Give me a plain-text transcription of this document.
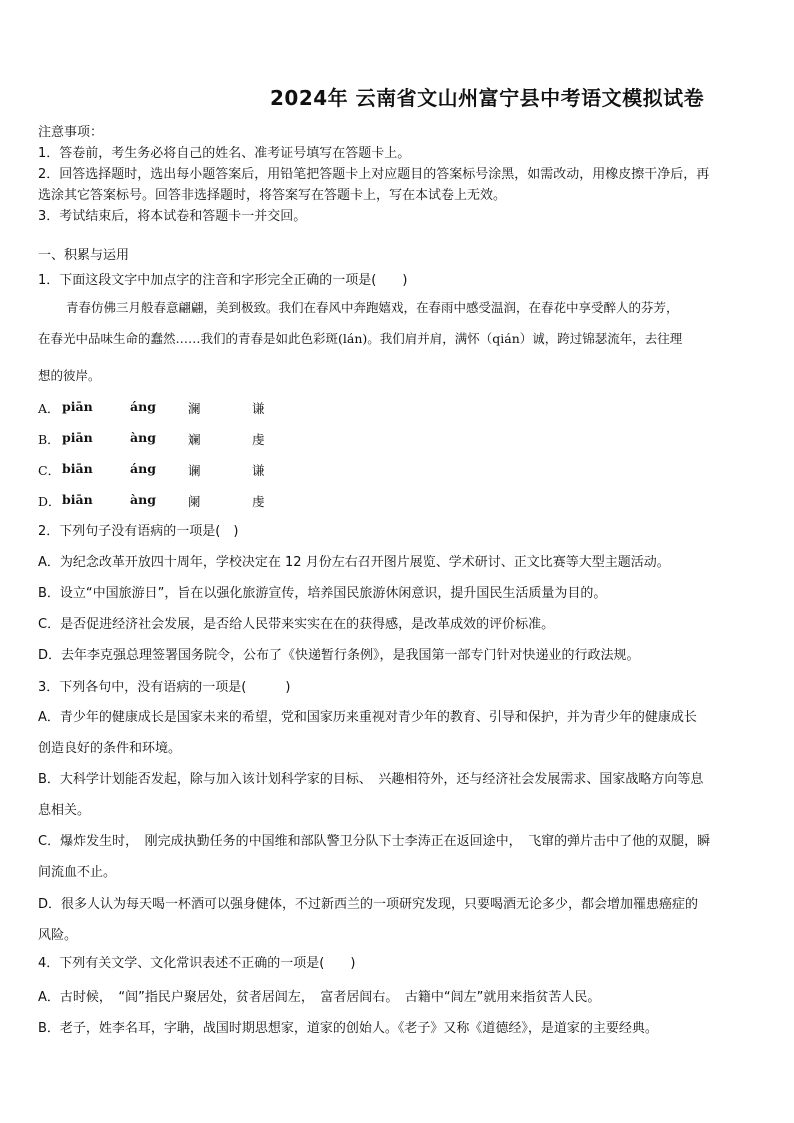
2024年 云南省文山州富宁县中考语文模拟试卷
注意事项：
1．答卷前，考生务必将自己的姓名、准考证号填写在答题卡上。
2．回答选择题时，选出每小题答案后，用铅笔把答题卡上对应题目的答案标号涂黑，如需改动，用橡皮擦干净后，再
选涂其它答案标号。回答非选择题时，将答案写在答题卡上，写在本试卷上无效。
3．考试结束后，将本试卷和答题卡一并交回。
一、积累与运用
1．下面这段文字中加点字的注音和字形完全正确的一项是(　　)
青春仿佛三月般春意翩翩，美到极致。我们在春风中奔跑嬉戏，在春雨中感受温润，在春花中享受醉人的芬芳，
在春光中品味生命的蠢然……我们的青春是如此色彩斑(lán)。我们肩并肩，满怀（qián）诚，跨过锦瑟流年，去往理
想的彼岸。
A． piān	áng	澜	谦
B． piān	àng	斓	虔
C． biān	áng	谰	谦
D． biān	àng	阑	虔
2．下列句子没有语病的一项是(　)
A．为纪念改革开放四十周年，学校决定在 12 月份左右召开图片展览、学术研讨、正文比赛等大型主题活动。
B．设立“中国旅游日”，旨在以强化旅游宣传，培养国民旅游休闲意识，提升国民生活质量为目的。
C．是否促进经济社会发展，是否给人民带来实实在在的获得感，是改革成效的评价标准。
D．去年李克强总理签署国务院令，公布了《快递暂行条例》，是我国第一部专门针对快递业的行政法规。
3．下列各句中，没有语病的一项是(　　　)
A．青少年的健康成长是国家未来的希望，党和国家历来重视对青少年的教育、引导和保护，并为青少年的健康成长
创造良好的条件和环境。
B．大科学计划能否发起，除与加入该计划科学家的目标、　兴趣相符外，还与经济社会发展需求、国家战略方向等息
息相关。
C．爆炸发生时，　刚完成执勤任务的中国维和部队警卫分队下士李涛正在返回途中，　飞窜的弹片击中了他的双腿，瞬
间流血不止。
D．很多人认为每天喝一杯酒可以强身健体，不过新西兰的一项研究发现，只要喝酒无论多少，都会增加罹患癌症的
风险。
4．下列有关文学、文化常识表述不正确的一项是(　　)
A．古时候，　“闾”指民户聚居处，贫者居闾左，　富者居闾右。　古籍中“闾左”就用来指贫苦人民。
B．老子，姓李名耳，字聃，战国时期思想家，道家的创始人。《老子》又称《道德经》，是道家的主要经典。
